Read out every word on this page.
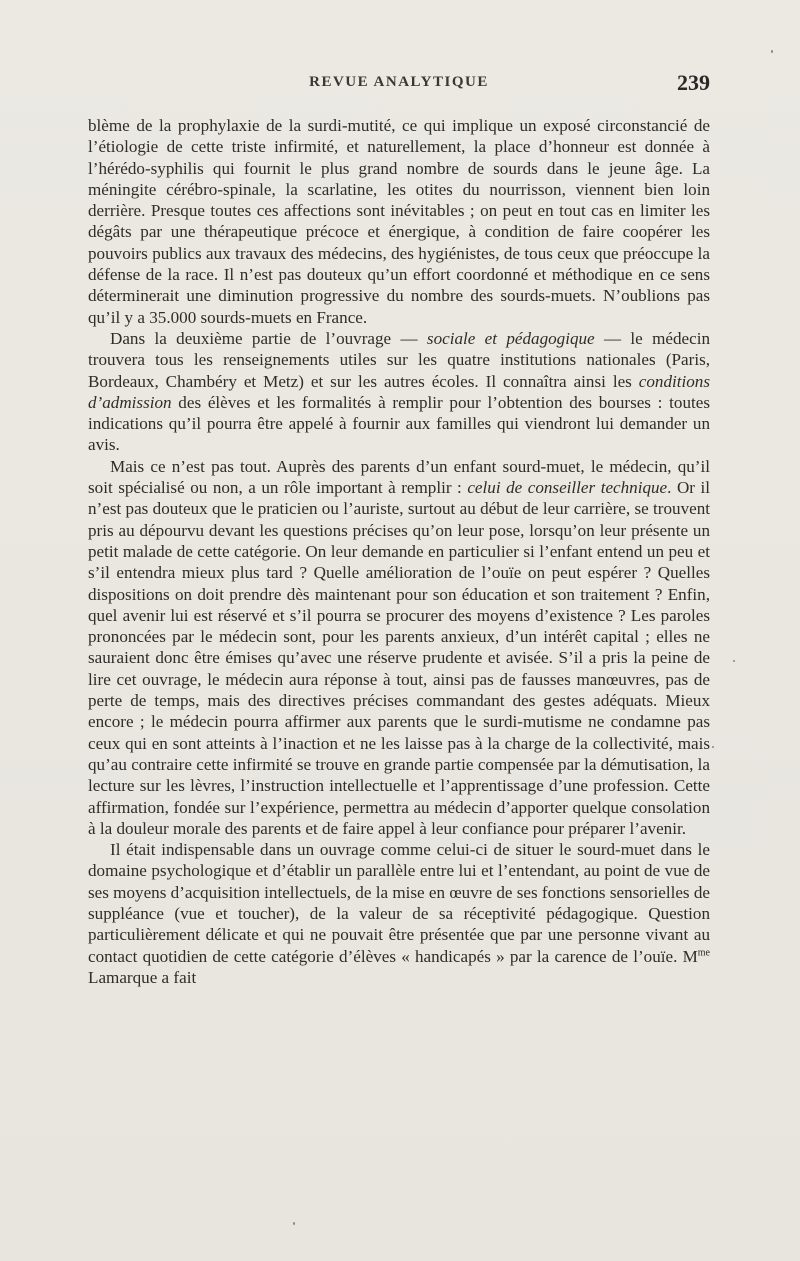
REVUE ANALYTIQUE	239

blème de la prophylaxie de la surdi-mutité, ce qui implique un exposé circonstancié de l’étiologie de cette triste infirmité, et naturellement, la place d’honneur est donnée à l’hérédo-syphilis qui fournit le plus grand nombre de sourds dans le jeune âge. La méningite cérébro-spinale, la scarlatine, les otites du nourrisson, viennent bien loin derrière. Presque toutes ces affections sont inévitables ; on peut en tout cas en limiter les dégâts par une thérapeutique précoce et énergique, à condition de faire coopérer les pouvoirs publics aux travaux des médecins, des hygiénistes, de tous ceux que préoccupe la défense de la race. Il n’est pas douteux qu’un effort coordonné et méthodique en ce sens déterminerait une diminution progressive du nombre des sourds-muets. N’oublions pas qu’il y a 35.000 sourds-muets en France.

Dans la deuxième partie de l’ouvrage — sociale et pédagogique — le médecin trouvera tous les renseignements utiles sur les quatre institutions nationales (Paris, Bordeaux, Chambéry et Metz) et sur les autres écoles. Il connaîtra ainsi les conditions d’admission des élèves et les formalités à remplir pour l’obtention des bourses : toutes indications qu’il pourra être appelé à fournir aux familles qui viendront lui demander un avis.

Mais ce n’est pas tout. Auprès des parents d’un enfant sourd-muet, le médecin, qu’il soit spécialisé ou non, a un rôle important à remplir : celui de conseiller technique. Or il n’est pas douteux que le praticien ou l’auriste, surtout au début de leur carrière, se trouvent pris au dépourvu devant les questions précises qu’on leur pose, lorsqu’on leur présente un petit malade de cette catégorie. On leur demande en particulier si l’enfant entend un peu et s’il entendra mieux plus tard ? Quelle amélioration de l’ouïe on peut espérer ? Quelles dispositions on doit prendre dès maintenant pour son éducation et son traitement ? Enfin, quel avenir lui est réservé et s’il pourra se procurer des moyens d’existence ? Les paroles prononcées par le médecin sont, pour les parents anxieux, d’un intérêt capital ; elles ne sauraient donc être émises qu’avec une réserve prudente et avisée. S’il a pris la peine de lire cet ouvrage, le médecin aura réponse à tout, ainsi pas de fausses manœuvres, pas de perte de temps, mais des directives précises commandant des gestes adéquats. Mieux encore ; le médecin pourra affirmer aux parents que le surdi-mutisme ne condamne pas ceux qui en sont atteints à l’inaction et ne les laisse pas à la charge de la collectivité, mais qu’au contraire cette infirmité se trouve en grande partie compensée par la démutisation, la lecture sur les lèvres, l’instruction intellectuelle et l’apprentissage d’une profession. Cette affirmation, fondée sur l’expérience, permettra au médecin d’apporter quelque consolation à la douleur morale des parents et de faire appel à leur confiance pour préparer l’avenir.

Il était indispensable dans un ouvrage comme celui-ci de situer le sourd-muet dans le domaine psychologique et d’établir un parallèle entre lui et l’entendant, au point de vue de ses moyens d’acquisition intellectuels, de la mise en œuvre de ses fonctions sensorielles de suppléance (vue et toucher), de la valeur de sa réceptivité pédagogique. Question particulièrement délicate et qui ne pouvait être présentée que par une personne vivant au contact quotidien de cette catégorie d’élèves « handicapés » par la carence de l’ouïe. $M^{me}$ Lamarque a fait
